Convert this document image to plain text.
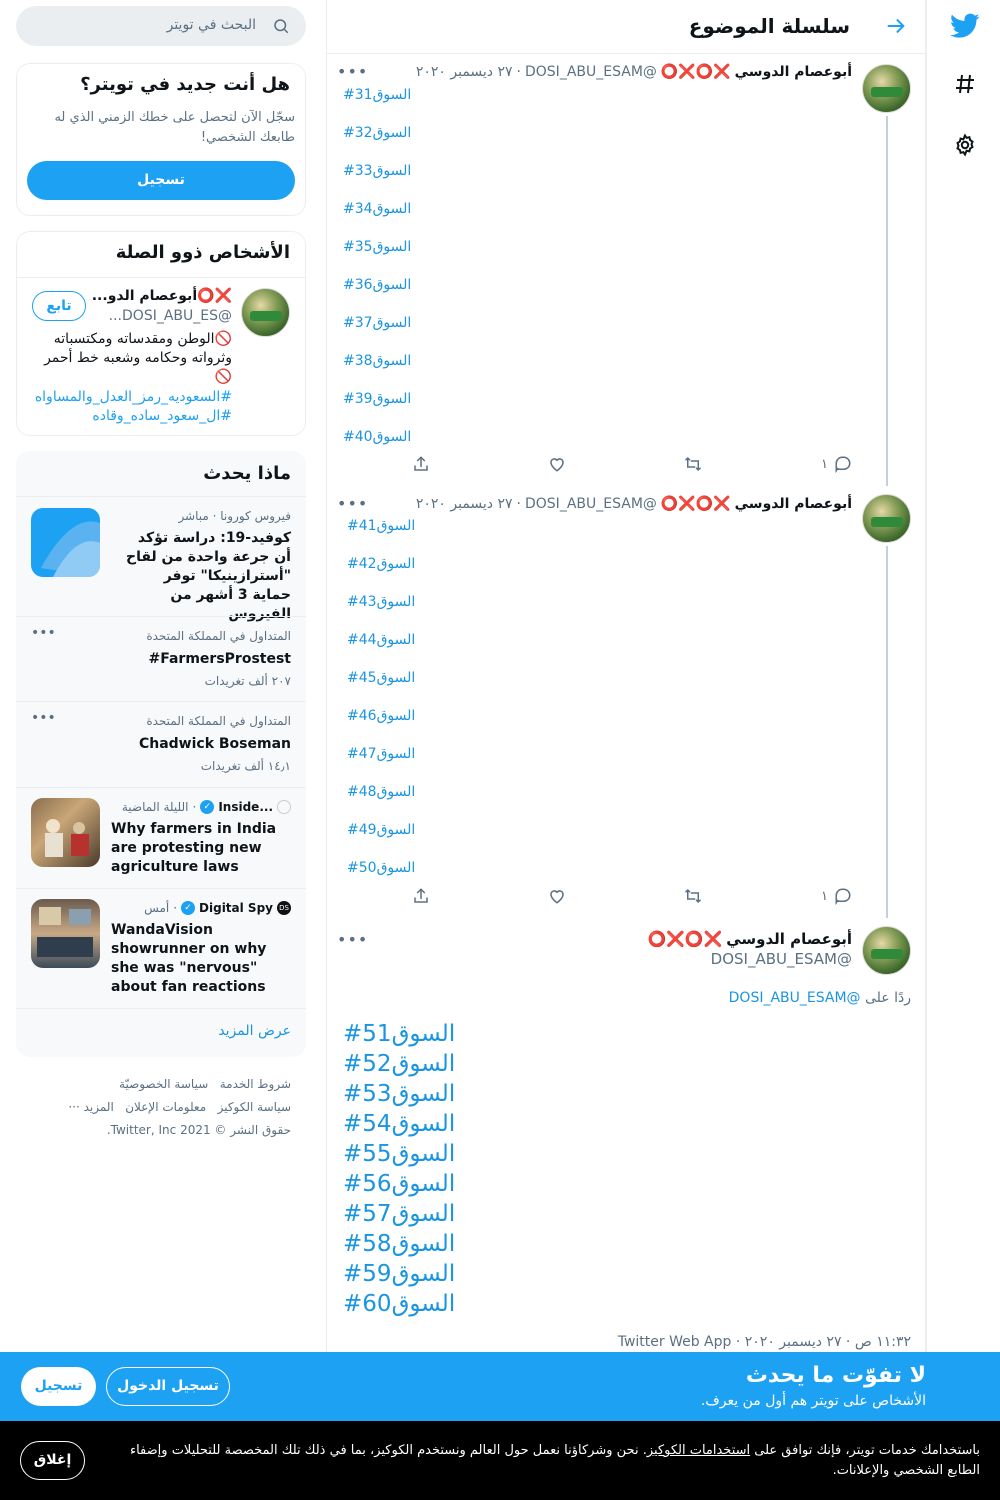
سلسلة الموضوع
أبوعصام الدوسي
❌⭕❌⭕
@DOSI_ABU_ESAM
·
٢٧ ديسمبر ٢٠٢٠
•••
#السوق31
#السوق32
#السوق33
#السوق34
#السوق35
#السوق36
#السوق37
#السوق38
#السوق39
#السوق40
١
أبوعصام الدوسي
❌⭕❌⭕
@DOSI_ABU_ESAM
·
٢٧ ديسمبر ٢٠٢٠
•••
#السوق41
#السوق42
#السوق43
#السوق44
#السوق45
#السوق46
#السوق47
#السوق48
#السوق49
#السوق50
١
أبوعصام الدوسي
❌⭕❌⭕
@DOSI_ABU_ESAM
•••
ردًا على @DOSI_ABU_ESAM
#السوق51
#السوق52
#السوق53
#السوق54
#السوق55
#السوق56
#السوق57
#السوق58
#السوق59
#السوق60
١١:٣٢ ص · ٢٧ ديسمبر ٢٠٢٠ · Twitter Web App
البحث في تويتر
هل أنت جديد في تويتر؟
سجّل الآن لتحصل على خطك الزمني الذي له طابعك الشخصي!
تسجيل
الأشخاص ذوو الصلة
❌⭕أبوعصام الدو...
@DOSI_ABU_ES...
تابع
🚫الوطن ومقدساته ومكتسباته وثرواته وحكامه وشعبه خط أحمر🚫
#السعوديه_رمز_العدل_والمساواه #ال_سعود_ساده_وقاده
ماذا يحدث
فيروس كورونا · مباشر
كوفيد-19: دراسة تؤكد أن جرعة واحدة من لقاح "أسترازينيكا" توفر حماية 3 أشهر من الفيروس
المتداول في المملكة المتحدة
#FarmersProstest
٢٠٧ ألف تغريدات
•••
المتداول في المملكة المتحدة
Chadwick Boseman
١٤٫١ ألف تغريدات
•••
Inside...
✓
·
الليلة الماضية
Why farmers in India are protesting new agriculture laws
DS
Digital Spy
✓
·
أمس
WandaVision showrunner on why she was "nervous" about fan reactions
عرض المزيد
شروط الخدمة   سياسة الخصوصيّة
سياسة الكوكيز   معلومات الإعلان   المزيد ···
حقوق النشر © 2021 Twitter, Inc.
لا تفوّت ما يحدث
الأشخاص على تويتر هم أول من يعرف.
تسجيل الدخول
تسجيل
باستخدامك خدمات تويتر، فإنك توافق على استخدامات الكوكيز. نحن وشركاؤنا نعمل حول العالم ونستخدم الكوكيز، بما في ذلك تلك المخصصة للتحليلات وإضفاء الطابع الشخصي والإعلانات.
إغلاق
